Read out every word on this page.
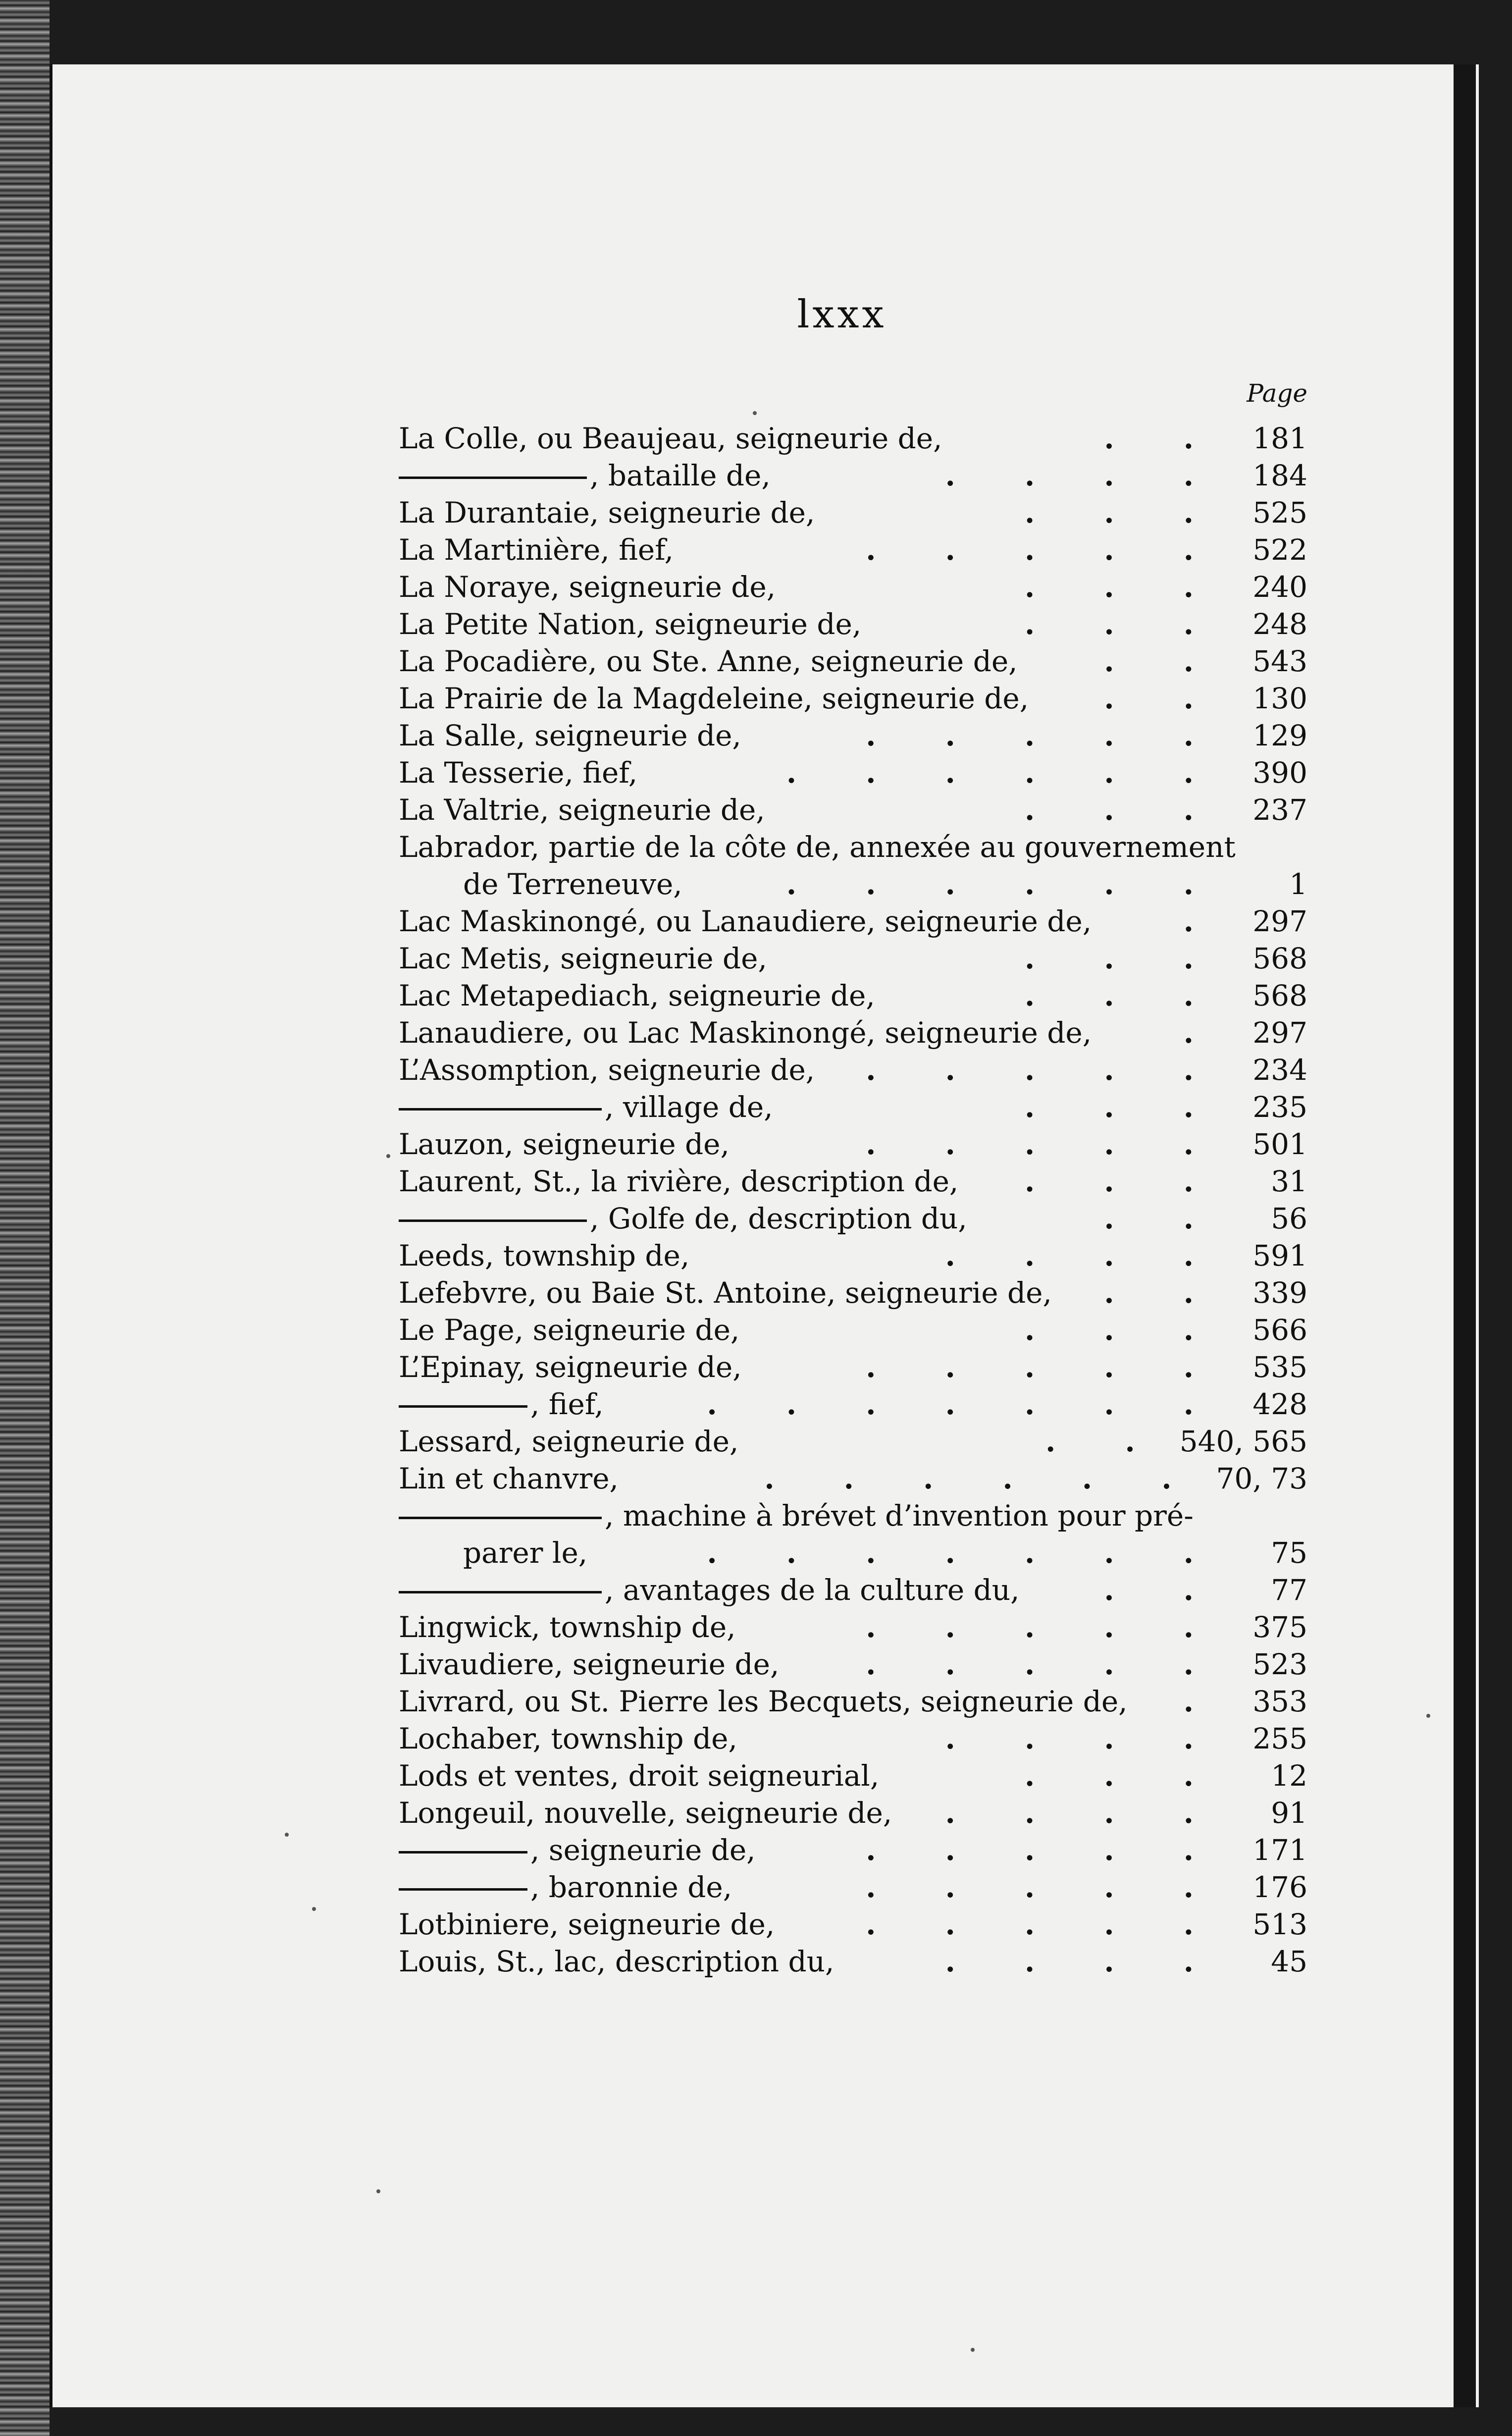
lxxx
Page
La Colle, ou Beaujeau, seigneurie de,	. .	181
, bataille de,	. . . .	184
La Durantaie, seigneurie de,	. . .	525
La Martinière, fief,	. . . . .	522
La Noraye, seigneurie de,	. . .	240
La Petite Nation, seigneurie de,	. . .	248
La Pocadière, ou Ste. Anne, seigneurie de,	. .	543
La Prairie de la Magdeleine, seigneurie de,	. .	130
La Salle, seigneurie de,	. . . . .	129
La Tesserie, fief,	. . . . . .	390
La Valtrie, seigneurie de,	. . .	237
Labrador, partie de la côte de, annexée au gouvernement
de Terreneuve,	. . . . . .	1
Lac Maskinongé, ou Lanaudiere, seigneurie de,	.	297
Lac Metis, seigneurie de,	. . .	568
Lac Metapediach, seigneurie de,	. . .	568
Lanaudiere, ou Lac Maskinongé, seigneurie de,	.	297
L’Assomption, seigneurie de,	. . . . .	234
, village de,	. . .	235
Lauzon, seigneurie de,	. . . . .	501
Laurent, St., la rivière, description de,	. . .	31
, Golfe de, description du,	. .	56
Leeds, township de,	. . . .	591
Lefebvre, ou Baie St. Antoine, seigneurie de,	. .	339
Le Page, seigneurie de,	. . .	566
L’Epinay, seigneurie de,	. . . . .	535
, fief,	. . . . . . .	428
Lessard, seigneurie de,	. . 540, 565
Lin et chanvre,	. . . . . . 70, 73
, machine à brévet d’invention pour pré-
parer le,	. . . . . . .	75
, avantages de la culture du,	. .	77
Lingwick, township de,	. . . . .	375
Livaudiere, seigneurie de,	. . . . .	523
Livrard, ou St. Pierre les Becquets, seigneurie de,	.	353
Lochaber, township de,	. . . .	255
Lods et ventes, droit seigneurial,	. . .	12
Longeuil, nouvelle, seigneurie de,	. . . .	91
, seigneurie de,	. . . . .	171
, baronnie de,	. . . . .	176
Lotbiniere, seigneurie de,	. . . . .	513
Louis, St., lac, description du,	. . . .	45
